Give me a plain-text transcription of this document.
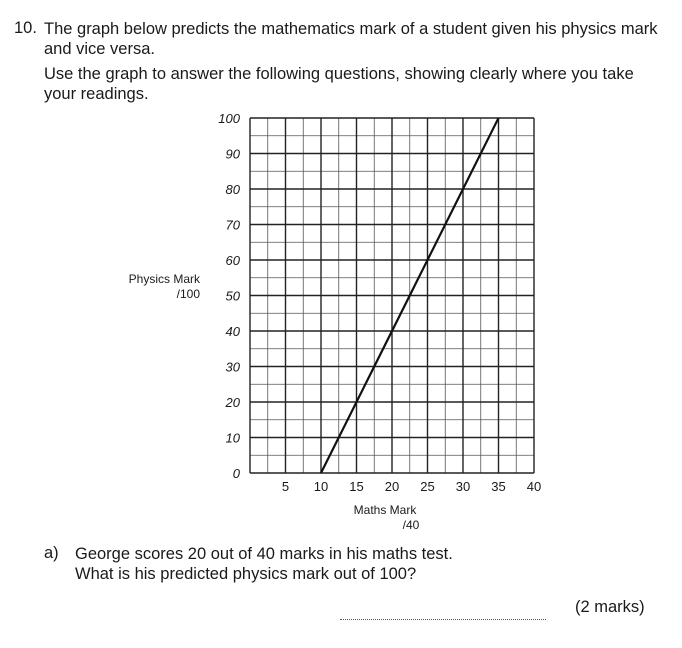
10. The graph below predicts the mathematics mark of a student given his physics mark and vice versa.

Use the graph to answer the following questions, showing clearly where you take your readings.

0
10
20
30
40
50
60
70
80
90
100
5 10 15 20 25 30 35 40
Physics Mark
/100
Maths Mark
/40
a) George scores 20 out of 40 marks in his maths test.
What is his predicted physics mark out of 100?
(2 marks)
